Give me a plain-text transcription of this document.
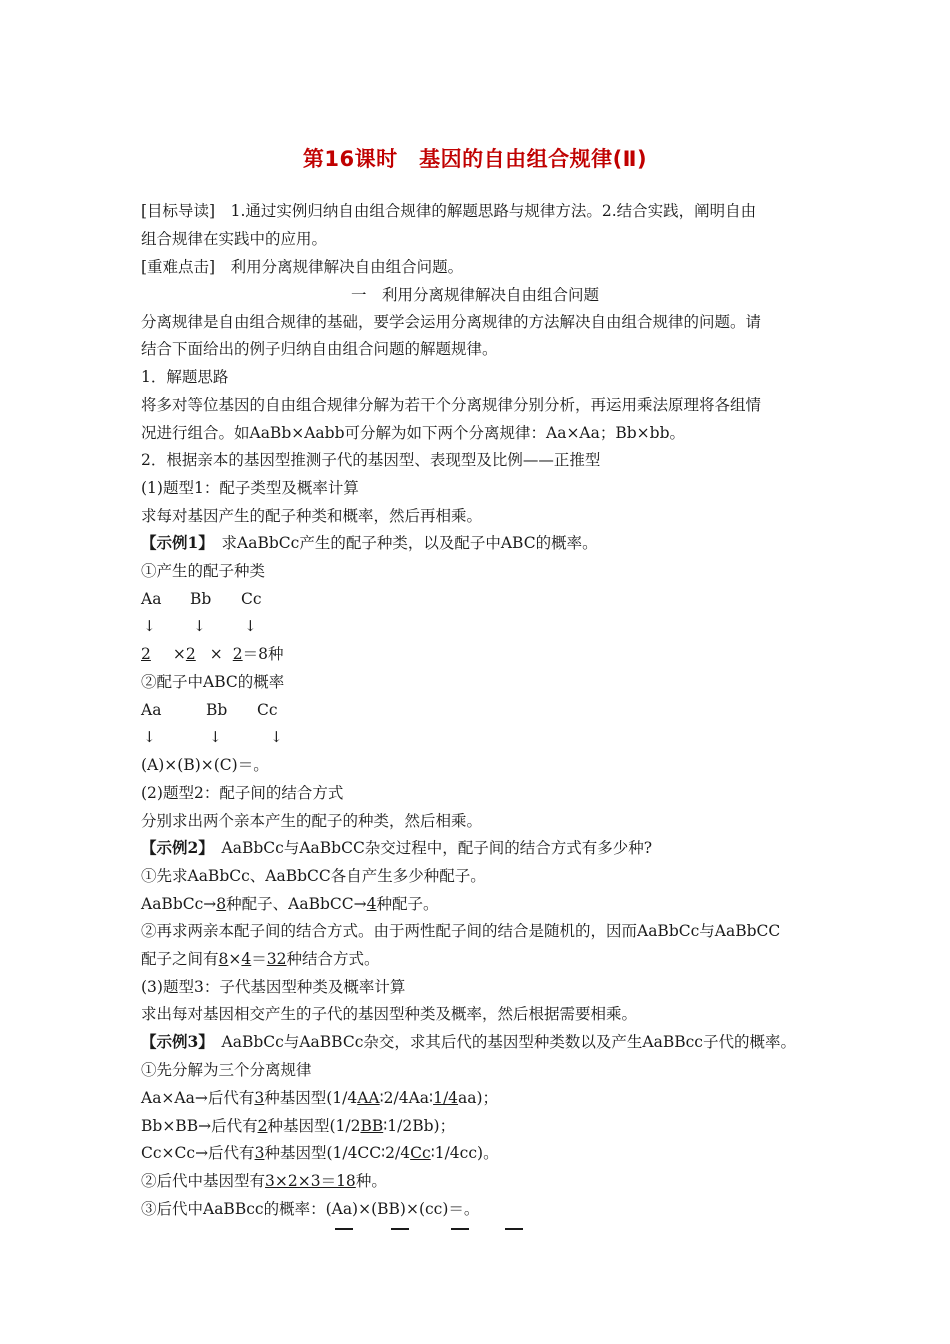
第16课时　基因的自由组合规律(Ⅱ)
[目标导读]　1.通过实例归纳自由组合规律的解题思路与规律方法。2.结合实践，阐明自由
组合规律在实践中的应用。
[重难点击]　利用分离规律解决自由组合问题。
一　利用分离规律解决自由组合问题
分离规律是自由组合规律的基础，要学会运用分离规律的方法解决自由组合规律的问题。请
结合下面给出的例子归纳自由组合问题的解题规律。
1．解题思路
将多对等位基因的自由组合规律分解为若干个分离规律分别分析，再运用乘法原理将各组情
况进行组合。如AaBb×Aabb可分解为如下两个分离规律：Aa×Aa；Bb×bb。
2．根据亲本的基因型推测子代的基因型、表现型及比例——正推型
(1)题型1：配子类型及概率计算
求每对基因产生的配子种类和概率，然后再相乘。
【示例1】　求AaBbCc产生的配子种类，以及配子中ABC的概率。
①产生的配子种类
Aa Bb Cc
↓ ↓	↓
2 ×2 × 2＝8种
②配子中ABC的概率
Aa	Bb Cc
↓	↓	↓
(A)×(B)×(C)＝。
(2)题型2：配子间的结合方式
分别求出两个亲本产生的配子的种类，然后相乘。
【示例2】　AaBbCc与AaBbCC杂交过程中，配子间的结合方式有多少种?
①先求AaBbCc、AaBbCC各自产生多少种配子。
AaBbCc→8种配子、AaBbCC→4种配子。
②再求两亲本配子间的结合方式。由于两性配子间的结合是随机的，因而AaBbCc与AaBbCC
配子之间有8×4＝32种结合方式。
(3)题型3：子代基因型种类及概率计算
求出每对基因相交产生的子代的基因型种类及概率，然后根据需要相乘。
【示例3】　AaBbCc与AaBBCc杂交，求其后代的基因型种类数以及产生AaBBcc子代的概率。
①先分解为三个分离规律
Aa×Aa→后代有3种基因型(1/4AA∶2/4Aa∶1/4aa)；
Bb×BB→后代有2种基因型(1/2BB∶1/2Bb)；
Cc×Cc→后代有3种基因型(1/4CC∶2/4Cc∶1/4cc)。
②后代中基因型有3×2×3＝18种。
③后代中AaBBcc的概率：(Aa)×(BB)×(cc)＝。
